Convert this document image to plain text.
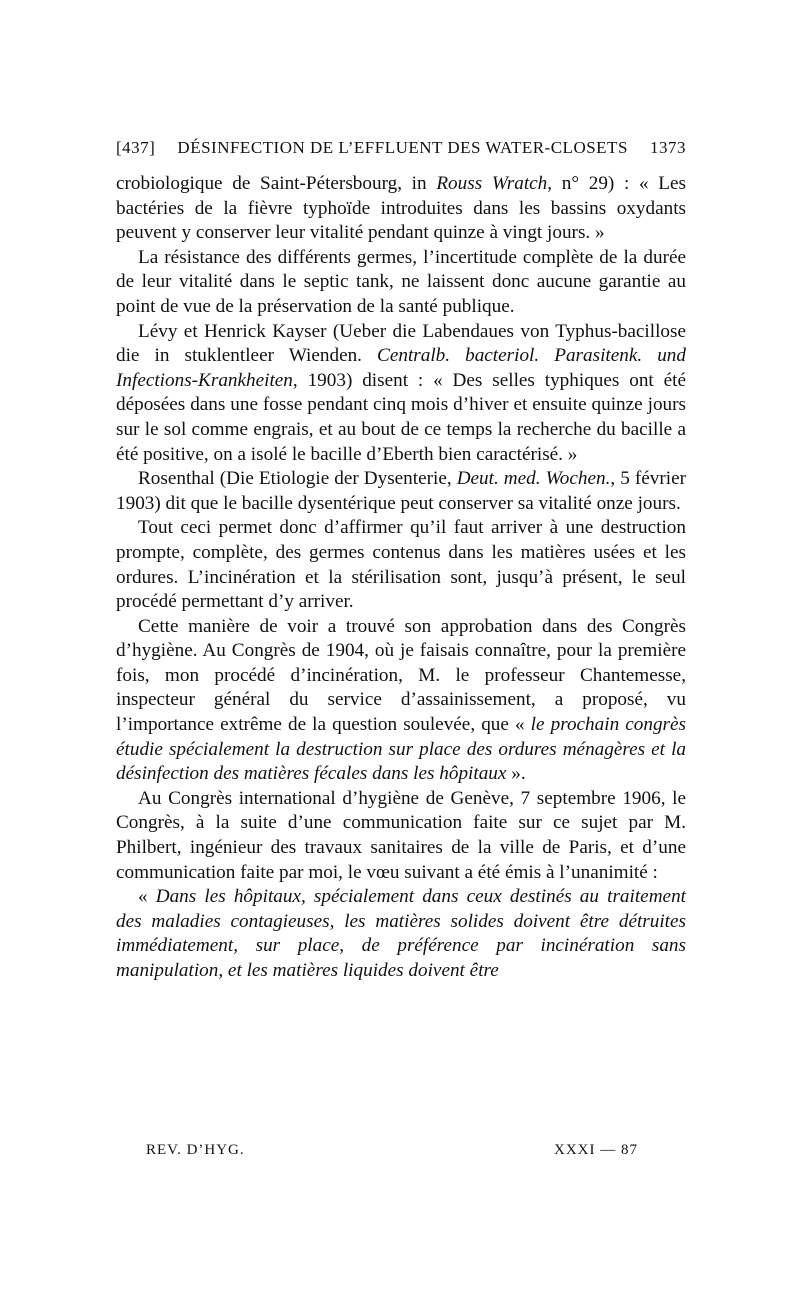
[437]	DÉSINFECTION DE L’EFFLUENT DES WATER-CLOSETS	1373

crobiologique de Saint-Pétersbourg, in Rouss Wratch, n° 29) : « Les bactéries de la fièvre typhoïde introduites dans les bassins oxydants peuvent y conserver leur vitalité pendant quinze à vingt jours. »

La résistance des différents germes, l’incertitude complète de la durée de leur vitalité dans le septic tank, ne laissent donc aucune garantie au point de vue de la préservation de la santé publique.

Lévy et Henrick Kayser (Ueber die Labendaues von Typhus-bacillose die in stuklentleer Wienden. Centralb. bacteriol. Parasitenk. und Infections-Krankheiten, 1903) disent : « Des selles typhiques ont été déposées dans une fosse pendant cinq mois d’hiver et ensuite quinze jours sur le sol comme engrais, et au bout de ce temps la recherche du bacille a été positive, on a isolé le bacille d’Eberth bien caractérisé. »

Rosenthal (Die Etiologie der Dysenterie, Deut. med. Wochen., 5 février 1903) dit que le bacille dysentérique peut conserver sa vitalité onze jours.

Tout ceci permet donc d’affirmer qu’il faut arriver à une destruction prompte, complète, des germes contenus dans les matières usées et les ordures. L’incinération et la stérilisation sont, jusqu’à présent, le seul procédé permettant d’y arriver.

Cette manière de voir a trouvé son approbation dans des Congrès d’hygiène. Au Congrès de 1904, où je faisais connaître, pour la première fois, mon procédé d’incinération, M. le professeur Chantemesse, inspecteur général du service d’assainissement, a proposé, vu l’importance extrême de la question soulevée, que « le prochain congrès étudie spécialement la destruction sur place des ordures ménagères et la désinfection des matières fécales dans les hôpitaux ».

Au Congrès international d’hygiène de Genève, 7 septembre 1906, le Congrès, à la suite d’une communication faite sur ce sujet par M. Philbert, ingénieur des travaux sanitaires de la ville de Paris, et d’une communication faite par moi, le vœu suivant a été émis à l’unanimité :

« Dans les hôpitaux, spécialement dans ceux destinés au traitement des maladies contagieuses, les matières solides doivent être détruites immédiatement, sur place, de préférence par incinération sans manipulation, et les matières liquides doivent être

REV. D’HYG.	XXXI — 87
